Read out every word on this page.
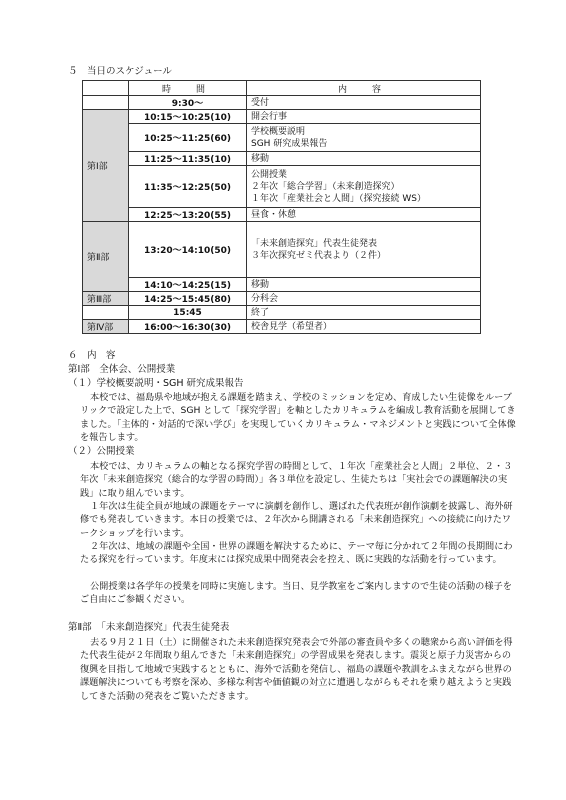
５　当日のスケジュール
	時　間	内　容
	9:30～	受付
第Ⅰ部	10:15～10:25(10)	開会行事
	10:25～11:25(60)	学校概要説明
SGH 研究成果報告

	11:25～11:35(10)	移動
	11:35～12:25(50)	公開授業
２年次「総合学習」（未来創造探究）
１年次「産業社会と人間」（探究接続 WS）

	12:25～13:20(55)	昼食・休憩
第Ⅱ部	13:20～14:10(50)	「未来創造探究」代表生徒発表
３年次探究ゼミ代表より（２件）

	14:10～14:25(15)	移動
第Ⅲ部	14:25～15:45(80)	分科会
	15:45	終了
第Ⅳ部	16:00～16:30(30)	校舎見学（希望者）
６　内　容
第Ⅰ部　全体会、公開授業
（１）学校概要説明・SGH 研究成果報告
本校では、福島県や地域が抱える課題を踏まえ、学校のミッションを定め、育成したい生徒像をルーブリックで設定した上で、SGH として「探究学習」を軸としたカリキュラムを編成し教育活動を展開してきました。「主体的・対話的で深い学び」を実現していくカリキュラム・マネジメントと実践について全体像を報告します。
（２）公開授業
本校では、カリキュラムの軸となる探究学習の時間として、１年次「産業社会と人間」２単位、２・３年次「未来創造探究（総合的な学習の時間）」各３単位を設定し、生徒たちは「実社会での課題解決の実践」に取り組んでいます。
１年次は生徒全員が地域の課題をテーマに演劇を創作し、選ばれた代表班が創作演劇を披露し、海外研修でも発表していきます。本日の授業では、２年次から開講される「未来創造探究」への接続に向けたワークショップを行います。
２年次は、地域の課題や全国・世界の課題を解決するために、テーマ毎に分かれて２年間の長期間にわたる探究を行っています。年度末には探究成果中間発表会を控え、既に実践的な活動を行っています。
公開授業は各学年の授業を同時に実施します。当日、見学教室をご案内しますので生徒の活動の様子をご自由にご参観ください。
第Ⅱ部　「未来創造探究」代表生徒発表
去る９月２１日（土）に開催された未来創造探究発表会で外部の審査員や多くの聴衆から高い評価を得た代表生徒が２年間取り組んできた「未来創造探究」の学習成果を発表します。震災と原子力災害からの復興を目指して地域で実践するとともに、海外で活動を発信し、福島の課題や教訓をふまえながら世界の課題解決についても考察を深め、多様な利害や価値観の対立に遭遇しながらもそれを乗り越えようと実践してきた活動の発表をご覧いただきます。
